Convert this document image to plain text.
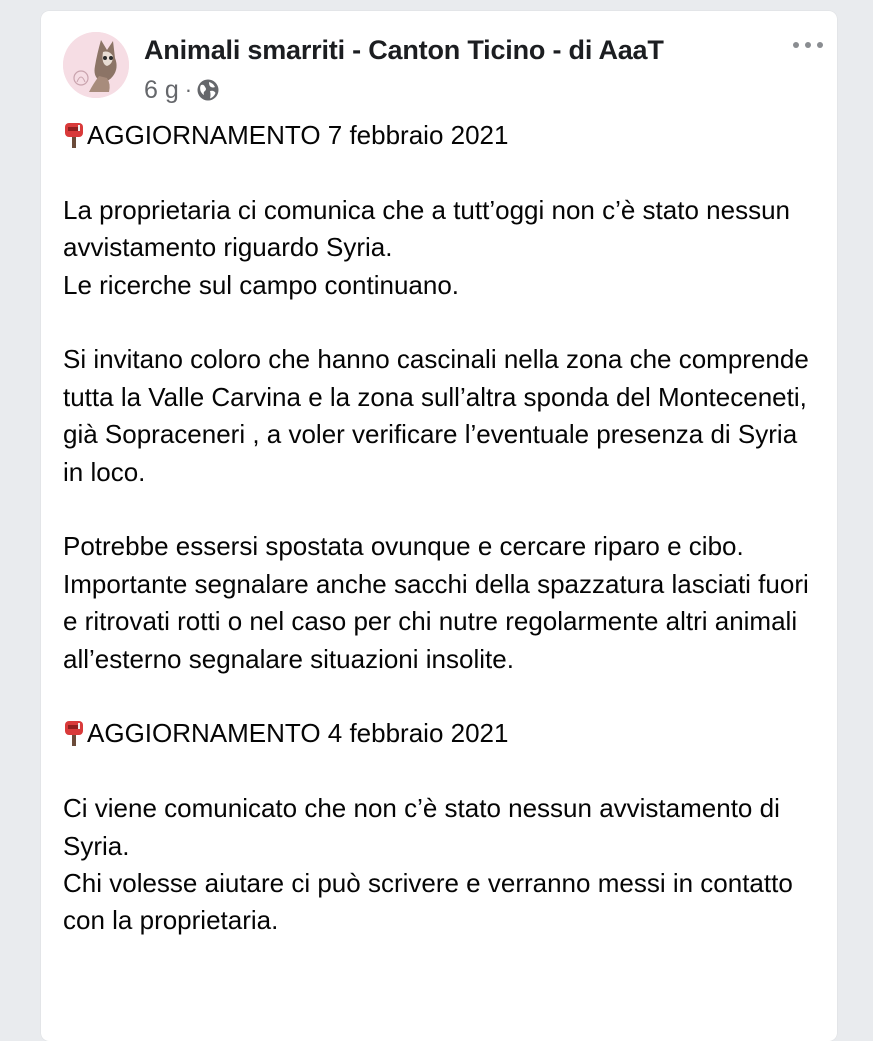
Animali smarriti - Canton Ticino - di AaaT
6 g ·

AGGIORNAMENTO 7 febbraio 2021

La proprietaria ci comunica che a tutt’oggi non c’è stato nessun avvistamento riguardo Syria.

Le ricerche sul campo continuano.

Si invitano coloro che hanno cascinali nella zona che comprende tutta la Valle Carvina e la zona sull’altra sponda del Monteceneti, già Sopraceneri , a voler verificare l’eventuale presenza di Syria in loco.

Potrebbe essersi spostata ovunque e cercare riparo e cibo.

Importante segnalare anche sacchi della spazzatura lasciati fuori e ritrovati rotti o nel caso per chi nutre regolarmente altri animali all’esterno segnalare situazioni insolite.

AGGIORNAMENTO 4 febbraio 2021

Ci viene comunicato che non c’è stato nessun avvistamento di Syria.

Chi volesse aiutare ci può scrivere e verranno messi in contatto con la proprietaria.
